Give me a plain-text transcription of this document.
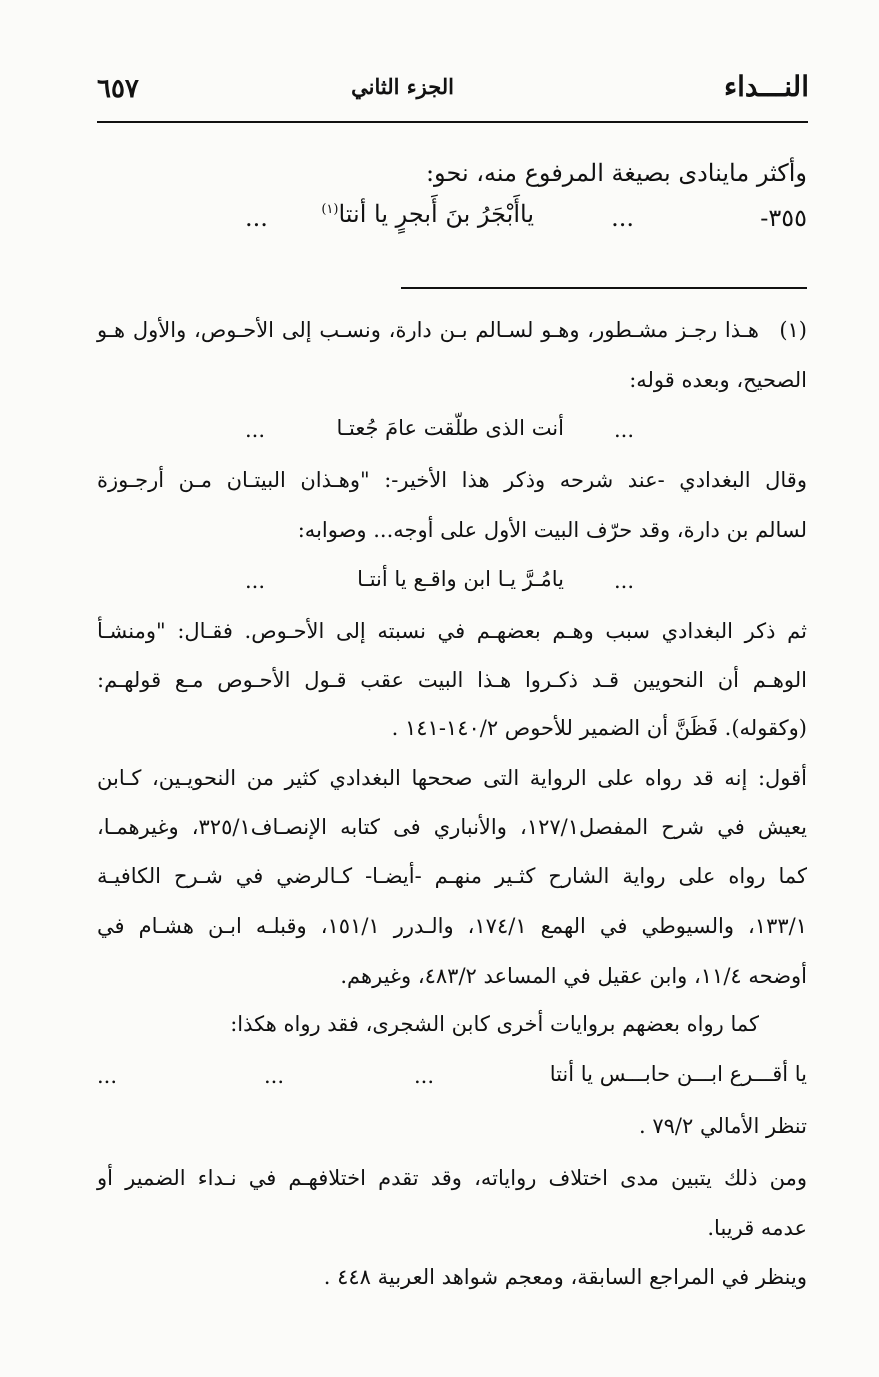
النـــداء
الجزء الثاني
٦٥٧
وأكثر ماينادى بصيغة المرفوع منه، نحو:
٣٥٥-
...
ياأَبْجَرُ بنَ أَبجرٍ يا أنتا$^{(١)}$
...
(١)
هـذا رجـز مشـطور، وهـو لسـالم بـن دارة، ونسـب إلى الأحـوص، والأول هـو
الصحيح، وبعده قوله:
...
أنت الذى طلّقت عامَ جُعتـا
...
وقال البغدادي -عند شرحه وذكر هذا الأخير-: "وهـذان البيتـان مـن أرجـوزة
لسالم بن دارة، وقد حرّف البيت الأول على أوجه... وصوابه:
...
يامُـرَّ يـا ابن واقـع يا أنتـا
...
ثم ذكر البغدادي سبب وهـم بعضهـم في نسبته إلى الأحـوص. فقـال: "ومنشـأ
الوهـم أن النحويين قـد ذكـروا هـذا البيت عقب قـول الأحـوص مـع قولهـم:
(وكقوله). فَظَنَّ أن الضمير للأحوص ١٤٠/٢-١٤١ .
أقول: إنه قد رواه على الرواية التى صححها البغدادي كثير من النحويـين، كـابن
يعيش في شرح المفصل١٢٧/١، والأنباري فى كتابه الإنصـاف٣٢٥/١، وغيرهمـا،
كما رواه على رواية الشارح كثـير منهـم -أيضـا- كـالرضي في شـرح الكافيـة
١٣٣/١، والسيوطي في الهمع ١٧٤/١، والـدرر ١٥١/١، وقبلـه ابـن هشـام في
أوضحه ١١/٤، وابن عقيل في المساعد ٤٨٣/٢، وغيرهم.
كما رواه بعضهم بروايات أخرى كابن الشجرى، فقد رواه هكذا:
يا أقـــرع ابـــن حابـــس يا أنتا
...
...
...
تنظر الأمالي ٧٩/٢ .
ومن ذلك يتبين مدى اختلاف رواياته، وقد تقدم اختلافهـم في نـداء الضمير أو
عدمه قريبا.
وينظر في المراجع السابقة، ومعجم شواهد العربية ٤٤٨ .
